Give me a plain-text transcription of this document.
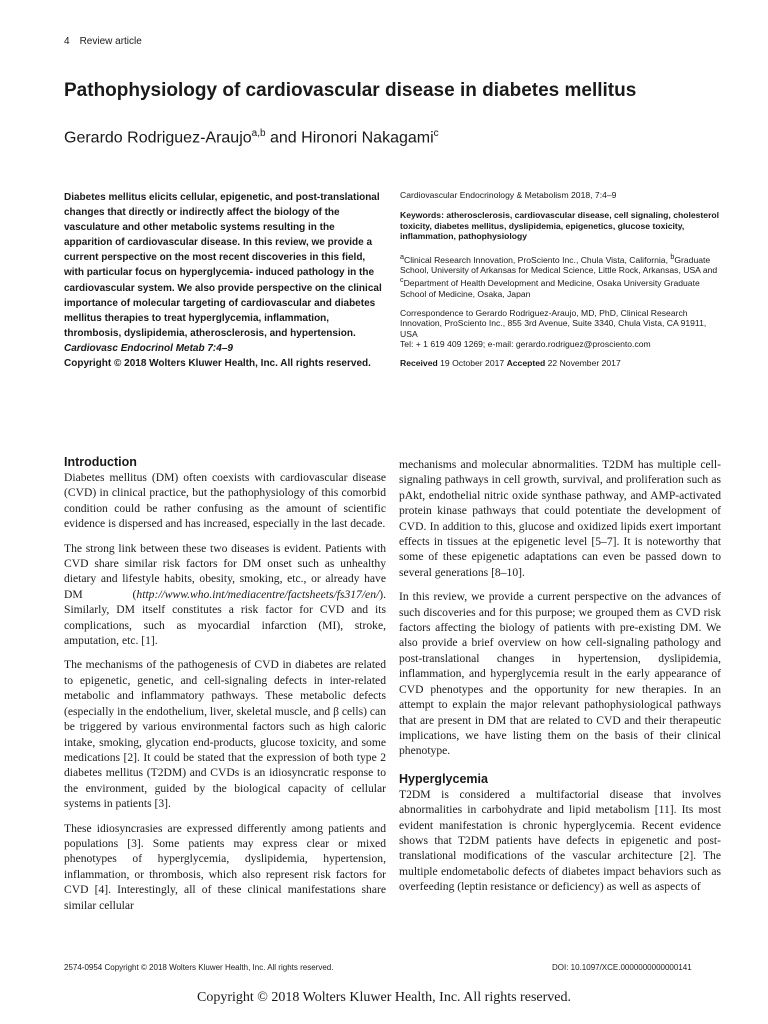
4 Review article
Pathophysiology of cardiovascular disease in diabetes mellitus
Gerardo Rodriguez-Araujo$^{a,b}$ and Hironori Nakagami$^c$

Diabetes mellitus elicits cellular, epigenetic, and post-translational changes that directly or indirectly affect the biology of the vasculature and other metabolic systems resulting in the apparition of cardiovascular disease. In this review, we provide a current perspective on the most recent discoveries in this field, with particular focus on hyperglycemia- induced pathology in the cardiovascular system. We also provide perspective on the clinical importance of molecular targeting of cardiovascular and diabetes mellitus therapies to treat hyperglycemia, inflammation, thrombosis, dyslipidemia, atherosclerosis, and hypertension. Cardiovasc Endocrinol Metab 7:4–9
Copyright © 2018 Wolters Kluwer Health, Inc. All rights reserved.

Cardiovascular Endocrinology & Metabolism 2018, 7:4–9

Keywords: atherosclerosis, cardiovascular disease, cell signaling, cholesterol toxicity, diabetes mellitus, dyslipidemia, epigenetics, glucose toxicity, inflammation, pathophysiology

$^a$Clinical Research Innovation, ProSciento Inc., Chula Vista, California, $^b$Graduate School, University of Arkansas for Medical Science, Little Rock, Arkansas, USA and $^c$Department of Health Development and Medicine, Osaka University Graduate School of Medicine, Osaka, Japan

Correspondence to Gerardo Rodriguez-Araujo, MD, PhD, Clinical Research Innovation, ProSciento Inc., 855 3rd Avenue, Suite 3340, Chula Vista, CA 91911, USA
Tel: + 1 619 409 1269; e-mail: gerardo.rodriguez@prosciento.com

Received 19 October 2017 Accepted 22 November 2017

Introduction

Diabetes mellitus (DM) often coexists with cardiovascular disease (CVD) in clinical practice, but the pathophysiology of this comorbid condition could be rather confusing as the amount of scientific evidence is dispersed and has increased, especially in the last decade.

The strong link between these two diseases is evident. Patients with CVD share similar risk factors for DM onset such as unhealthy dietary and lifestyle habits, obesity, smoking, etc., or already have DM (http://www.who.int/mediacentre/factsheets/fs317/en/). Similarly, DM itself constitutes a risk factor for CVD and its complications, such as myocardial infarction (MI), stroke, amputation, etc. [1].

The mechanisms of the pathogenesis of CVD in diabetes are related to epigenetic, genetic, and cell-signaling defects in inter-related metabolic and inflammatory pathways. These metabolic defects (especially in the endothelium, liver, skeletal muscle, and β cells) can be triggered by various environmental factors such as high caloric intake, smoking, glycation end-products, glucose toxicity, and some medications [2]. It could be stated that the expression of both type 2 diabetes mellitus (T2DM) and CVDs is an idiosyncratic response to the environment, guided by the biological capacity of cellular systems in patients [3].

These idiosyncrasies are expressed differently among patients and populations [3]. Some patients may express clear or mixed phenotypes of hyperglycemia, dyslipidemia, hypertension, inflammation, or thrombosis, which also represent risk factors for CVD [4]. Interestingly, all of these clinical manifestations share similar cellular

mechanisms and molecular abnormalities. T2DM has multiple cell-signaling pathways in cell growth, survival, and proliferation such as pAkt, endothelial nitric oxide synthase pathway, and AMP-activated protein kinase pathways that could potentiate the development of CVD. In addition to this, glucose and oxidized lipids exert important effects in tissues at the epigenetic level [5–7]. It is noteworthy that some of these epigenetic adaptations can even be passed down to several generations [8–10].

In this review, we provide a current perspective on the advances of such discoveries and for this purpose; we grouped them as CVD risk factors affecting the biology of patients with pre-existing DM. We also provide a brief overview on how cell-signaling pathology and post-translational changes in hypertension, dyslipidemia, inflammation, and hyperglycemia result in the early appearance of CVD phenotypes and the opportunity for new therapies. In an attempt to explain the major relevant pathophysiological pathways that are present in DM that are related to CVD and their therapeutic implications, we have listing them on the basis of their clinical phenotype.

Hyperglycemia

T2DM is considered a multifactorial disease that involves abnormalities in carbohydrate and lipid metabolism [11]. Its most evident manifestation is chronic hyperglycemia. Recent evidence shows that T2DM patients have defects in epigenetic and post-translational modifications of the vascular architecture [2]. The multiple endometabolic defects of diabetes impact behaviors such as overfeeding (leptin resistance or deficiency) as well as aspects of

2574-0954 Copyright © 2018 Wolters Kluwer Health, Inc. All rights reserved.	DOI: 10.1097/XCE.0000000000000141
Copyright © 2018 Wolters Kluwer Health, Inc. All rights reserved.
